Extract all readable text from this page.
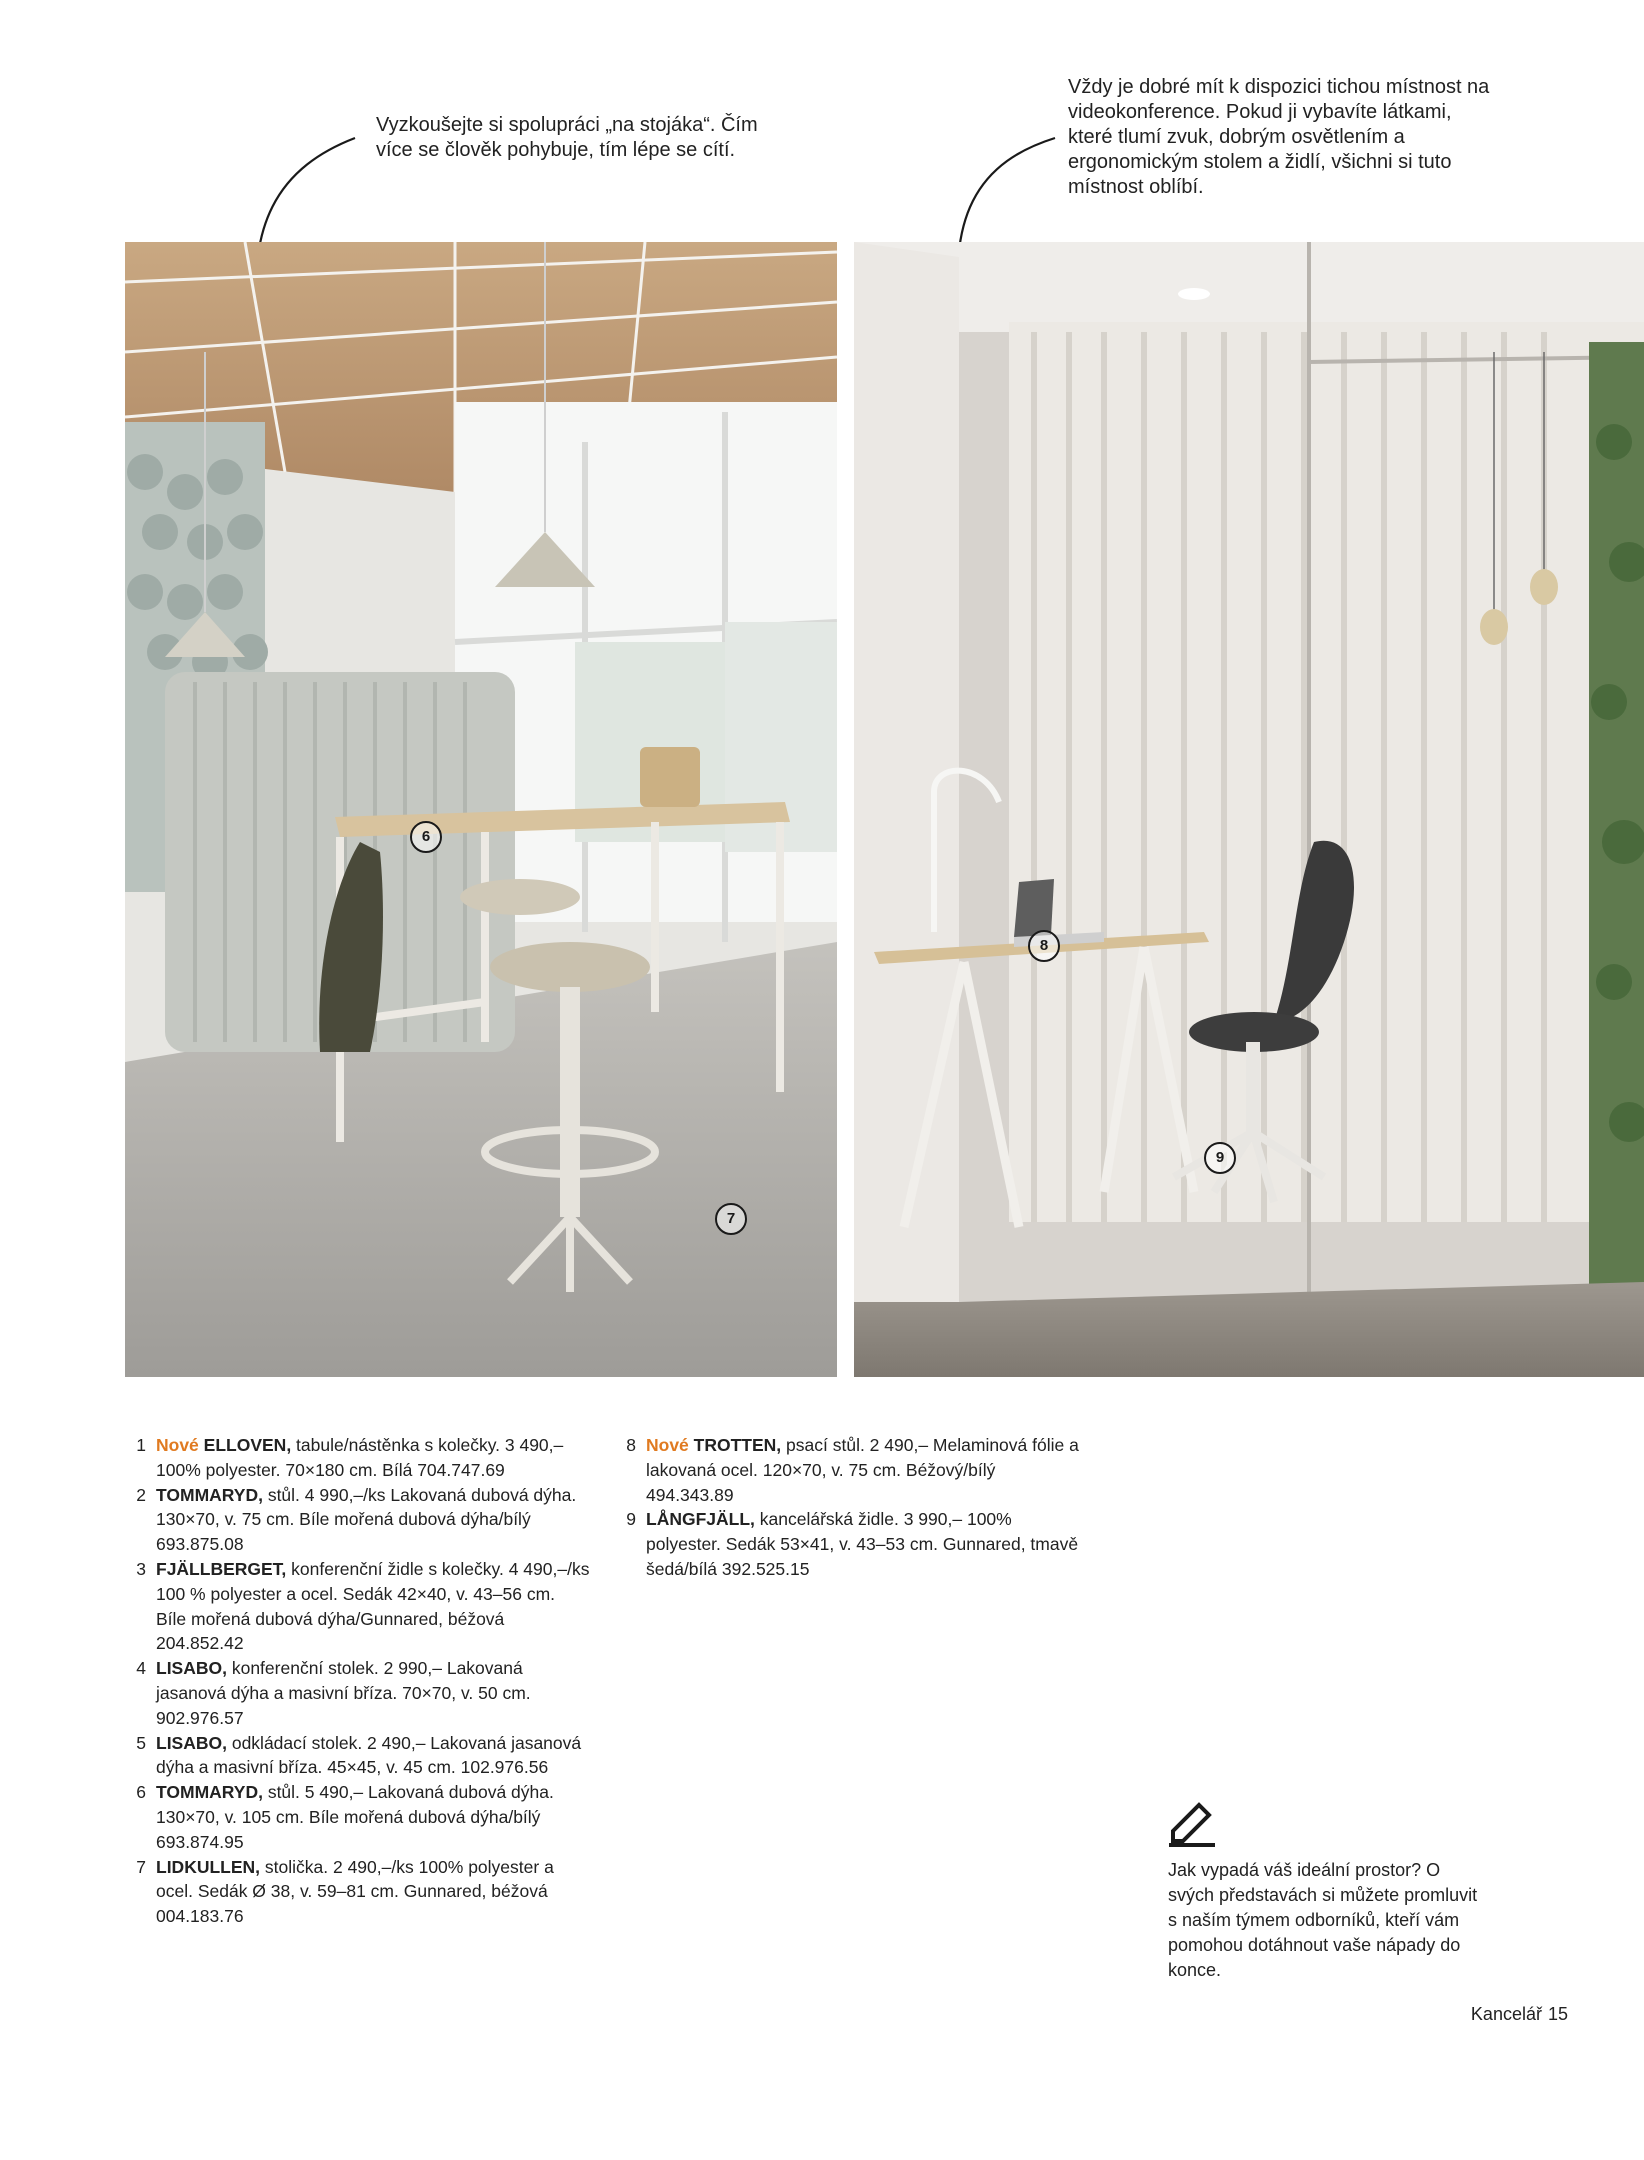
Vyzkoušejte si spolupráci „na stojáka“. Čím více se člověk pohybuje, tím lépe se cítí.
Vždy je dobré mít k dispozici tichou místnost na videokonference. Pokud ji vybavíte látkami, které tlumí zvuk, dobrým osvětlením a ergonomickým stolem a židlí, všichni si tuto místnost oblíbí.
6
7
8
9
1 Nové ELLOVEN, tabule/nástěnka s kolečky. 3 490,– 100% polyester. 70×180 cm. Bílá 704.747.69
2 TOMMARYD, stůl. 4 990,–/ks Lakovaná dubová dýha. 130×70, v. 75 cm. Bíle mořená dubová dýha/bílý 693.875.08
3 FJÄLLBERGET, konferenční židle s kolečky. 4 490,–/ks 100 % polyester a ocel. Sedák 42×40, v. 43–56 cm. Bíle mořená dubová dýha/Gunnared, béžová 204.852.42
4 LISABO, konferenční stolek. 2 990,– Lakovaná jasanová dýha a masivní bříza. 70×70, v. 50 cm. 902.976.57
5 LISABO, odkládací stolek. 2 490,– Lakovaná jasanová dýha a masivní bříza. 45×45, v. 45 cm. 102.976.56
6 TOMMARYD, stůl. 5 490,– Lakovaná dubová dýha. 130×70, v. 105 cm. Bíle mořená dubová dýha/bílý 693.874.95
7 LIDKULLEN, stolička. 2 490,–/ks 100% polyester a ocel. Sedák Ø 38, v. 59–81 cm. Gunnared, béžová 004.183.76
8 Nové TROTTEN, psací stůl. 2 490,– Melaminová fólie a lakovaná ocel. 120×70, v. 75 cm. Béžový/bílý 494.343.89
9 LÅNGFJÄLL, kancelářská židle. 3 990,– 100% polyester. Sedák 53×41, v. 43–53 cm. Gunnared, tmavě šedá/bílá 392.525.15
Jak vypadá váš ideální prostor? O svých představách si můžete promluvit s naším týmem odborníků, kteří vám pomohou dotáhnout vaše nápady do konce.
Kancelář 15
